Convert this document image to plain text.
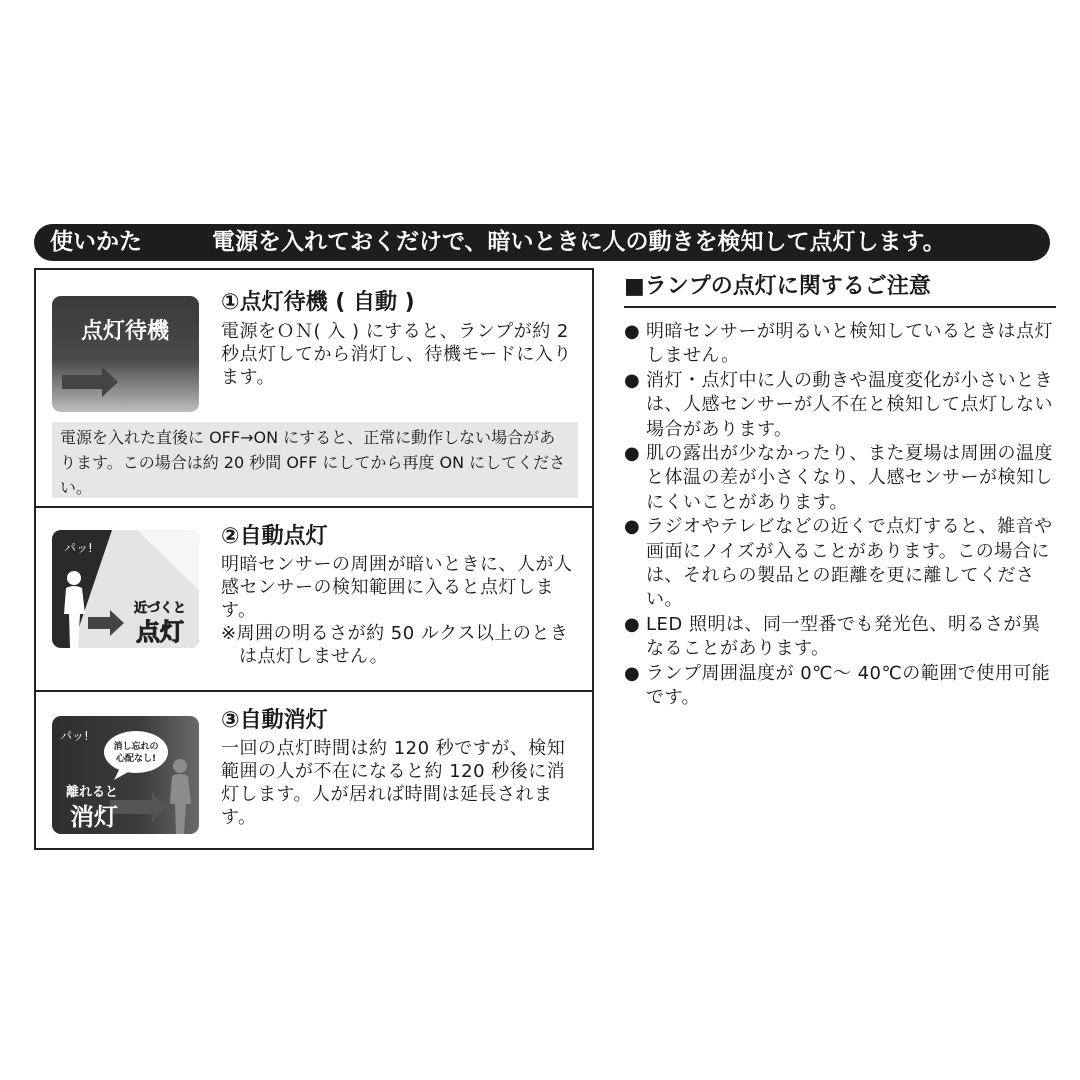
使いかた	電源を入れておくだけで、暗いときに人の動きを検知して点灯します。
点灯待機
①点灯待機 ( 自動 )
電源をＯＮ( 入 ) にすると、ランプが約 2 秒点灯してから消灯し、待機モードに入ります。
電源を入れた直後に OFF→ON にすると、正常に動作しない場合があります。この場合は約 20 秒間 OFF にしてから再度 ON にしてください。
パッ!
近づくと
点灯
②自動点灯
明暗センサーの周囲が暗いときに、人が人感センサーの検知範囲に入ると点灯します。
※周囲の明るさが約 50 ルクス以上のときは点灯しません。
パッ!
消し忘れの
心配なし!
離れると
消灯
③自動消灯
一回の点灯時間は約 120 秒ですが、検知範囲の人が不在になると約 120 秒後に消灯します。人が居れば時間は延長されます。
■ランプの点灯に関するご注意
● 明暗センサーが明るいと検知しているときは点灯しません。
● 消灯・点灯中に人の動きや温度変化が小さいときは、人感センサーが人不在と検知して点灯しない場合があります。
● 肌の露出が少なかったり、また夏場は周囲の温度と体温の差が小さくなり、人感センサーが検知しにくいことがあります。
● ラジオやテレビなどの近くで点灯すると、雑音や画面にノイズが入ることがあります。この場合には、それらの製品との距離を更に離してください。
● LED 照明は、同一型番でも発光色、明るさが異なることがあります。
● ランプ周囲温度が 0℃～ 40℃の範囲で使用可能です。
